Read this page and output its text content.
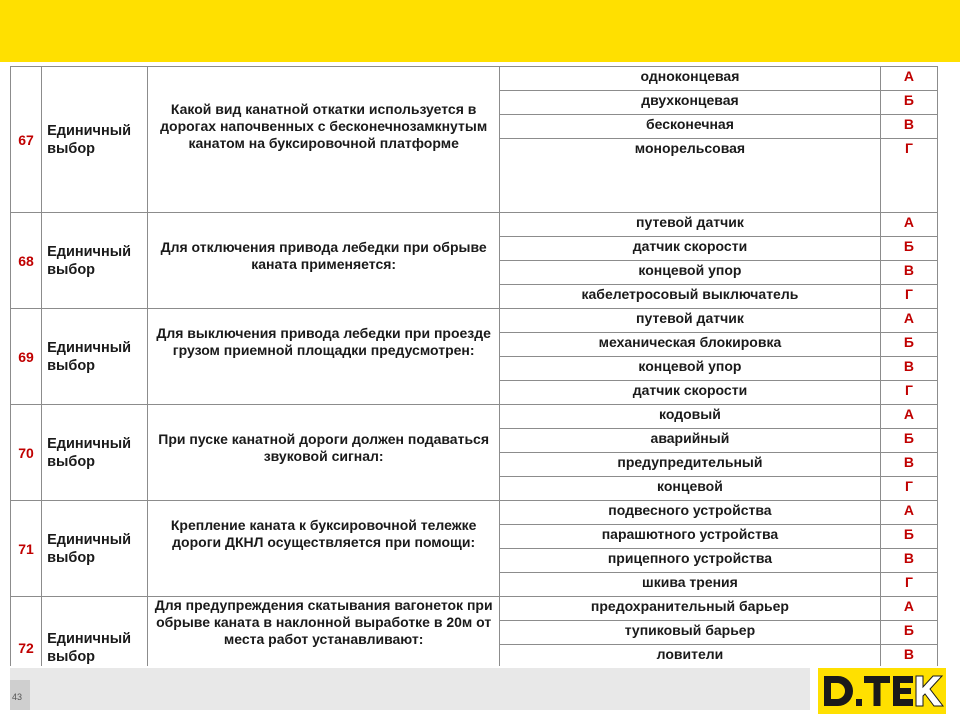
67	Единичный выбор	Какой вид канатной откатки используется в дорогах напочвенных с бесконечнозамкнутым канатом на буксировочной платформе	одноконцевая	А
			двухконцевая	Б
			бесконечная	В
			монорельсовая	Г

68	Единичный выбор	Для отключения привода лебедки при обрыве каната применяется:	путевой датчик	А
			датчик скорости	Б
			концевой упор	В
			кабелетросовый выключатель	Г
69	Единичный выбор	Для выключения привода лебедки при проезде грузом приемной площадки предусмотрен:	путевой датчик	А
			механическая блокировка	Б
			концевой упор	В
			датчик скорости	Г
70	Единичный выбор	При пуске канатной дороги должен подаваться звуковой сигнал:	кодовый	А
			аварийный	Б
			предупредительный	В
			концевой	Г
71	Единичный выбор	Крепление каната к буксировочной тележке дороги ДКНЛ осуществляется при помощи:	подвесного устройства	А
			парашютного устройства	Б
			прицепного устройства	В
			шкива трения	Г
72	Единичный выбор	Для предупреждения скатывания вагонеток при обрыве каната в наклонной выработке в 20м от места работ устанавливают:	предохранительный барьер	А
			тупиковый барьер	Б
			ловители	В

43
